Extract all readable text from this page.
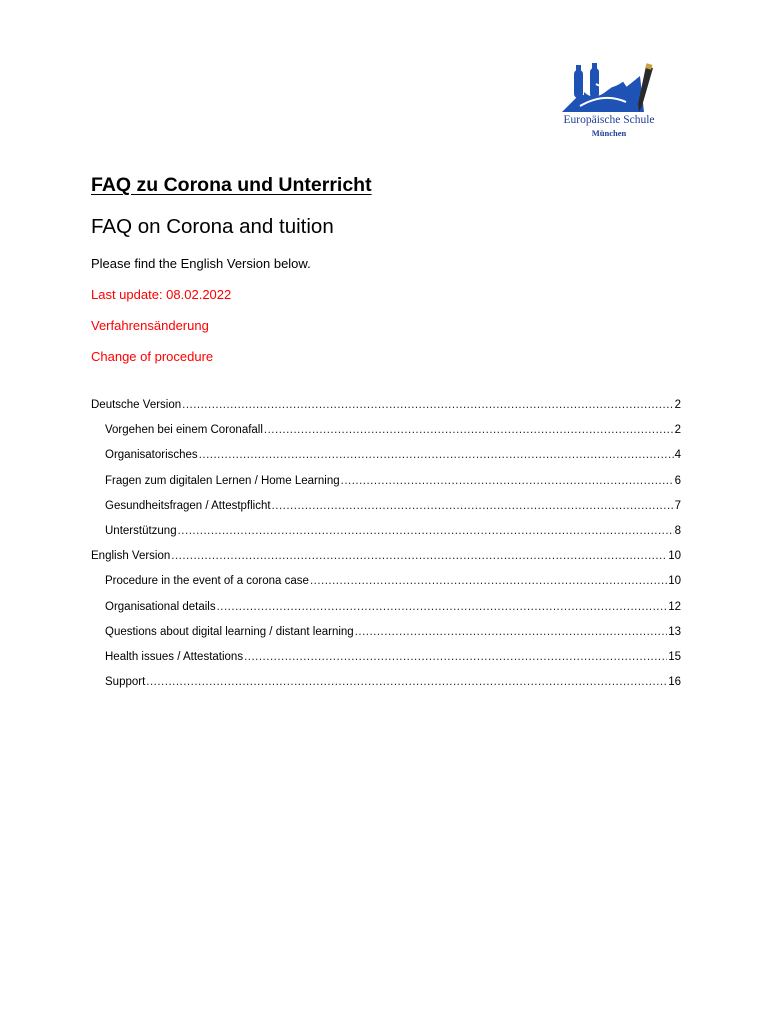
Europäische Schule
München
FAQ zu Corona und Unterricht
FAQ on Corona and tuition
Please find the English Version below.
Last update: 08.02.2022
Verfahrensänderung
Change of procedure
Deutsche Version .....	2
Vorgehen bei einem Coronafall .....	2
Organisatorisches .....	4
Fragen zum digitalen Lernen / Home Learning .....	6
Gesundheitsfragen / Attestpflicht .....	7
Unterstützung .....	8
English Version .....	10
Procedure in the event of a corona case .....	10
Organisational details .....	12
Questions about digital learning / distant learning .....	13
Health issues / Attestations .....	15
Support .....	16
